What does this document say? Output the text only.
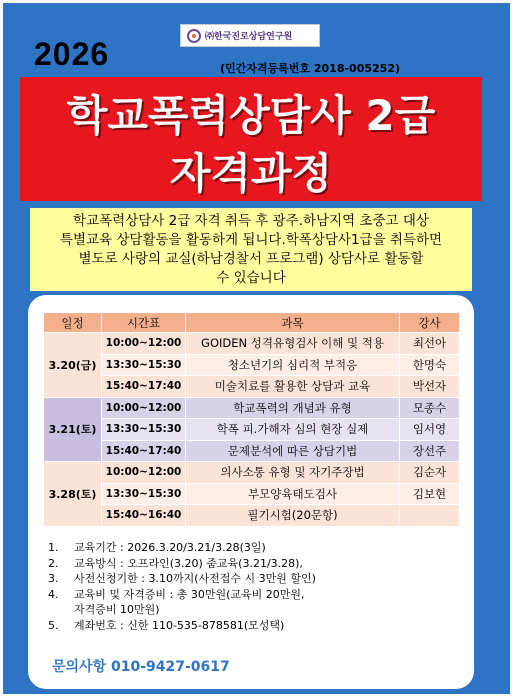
㈜한국진로상담연구원
2026	(민간자격등록번호 2018-005252)
학교폭력상담사 2급
자격과정
학교폭력상담사 2급 자격 취득 후 광주.하남지역 초중고 대상
특별교육 상담활동을 활동하게 됩니다.학폭상담사1급을 취득하면
별도로 사랑의 교실(하남경찰서 프로그램) 상담사로 활동할
수 있습니다
일정	시간표	과목	강사
3.20(금)	10:00~12:00	GOIDEN 성격유형검사 이해 및 적용	최선아
	13:30~15:30	청소년기의 심리적 부적응	한명숙
	15:40~17:40	미술치료를 활용한 상담과 교육	박선자
3.21(토)	10:00~12:00	학교폭력의 개념과 유형	모종수
	13:30~15:30	학폭 피.가해자 심의 현장 실제	임서영
	15:40~17:40	문제분석에 따른 상담기법	장선주
3.28(토)	10:00~12:00	의사소통 유형 및 자기주장법	김순자
	13:30~15:30	부모양육태도검사	김보현
	15:40~16:40	필기시험(20문항)	
1.	교육기간 : 2026.3.20/3.21/3.28(3일)
2.	교육방식 : 오프라인(3.20) 줌교육(3.21/3.28),
3.	사전신청기한 : 3.10까지(사전접수 시 3만원 할인)
4.	교육비 및 자격증비 : 총 30만원(교육비 20만원,
자격증비 10만원)
5.	계좌번호 : 신한 110-535-878581(모성택)
문의사항 010-9427-0617
